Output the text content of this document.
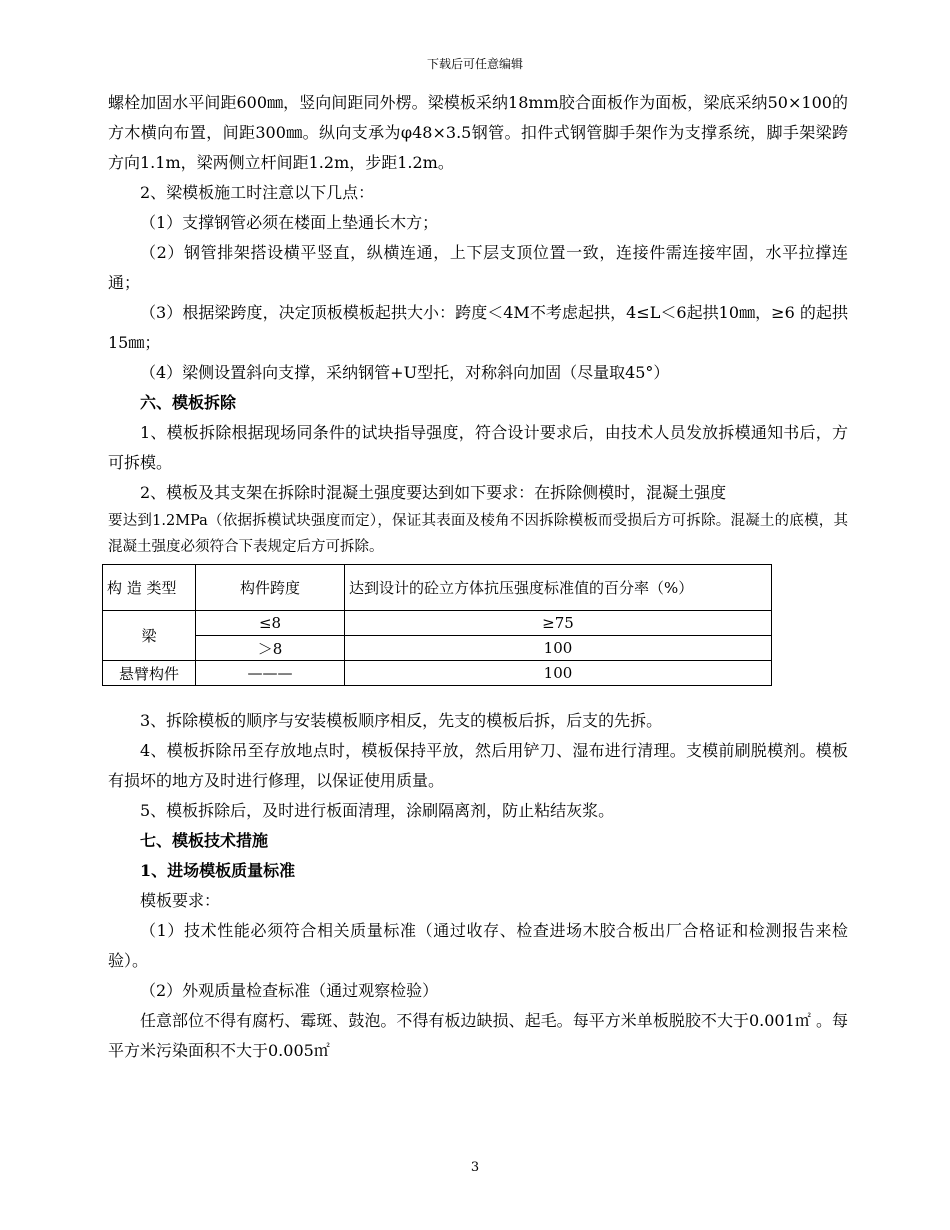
下载后可任意编辑

螺栓加固水平间距600㎜，竖向间距同外楞。梁模板采纳18mm胶合面板作为面板，梁底采纳50×100的方木横向布置，间距300㎜。纵向支承为φ48×3.5钢管。扣件式钢管脚手架作为支撑系统，脚手架梁跨方向1.1m，梁两侧立杆间距1.2m，步距1.2m。

2、梁模板施工时注意以下几点：

（1）支撑钢管必须在楼面上垫通长木方；

（2）钢管排架搭设横平竖直，纵横连通，上下层支顶位置一致，连接件需连接牢固，水平拉撑连通；

（3）根据梁跨度，决定顶板模板起拱大小：跨度＜4M不考虑起拱，4≤L＜6起拱10㎜，≥6 的起拱15㎜；

（4）梁侧设置斜向支撑，采纳钢管+U型托，对称斜向加固（尽量取45°）

六、模板拆除

1、模板拆除根据现场同条件的试块指导强度，符合设计要求后，由技术人员发放拆模通知书后，方可拆模。

2、模板及其支架在拆除时混凝土强度要达到如下要求：在拆除侧模时，混凝土强度

要达到1.2MPa（依据拆模试块强度而定），保证其表面及棱角不因拆除模板而受损后方可拆除。混凝土的底模，其混凝土强度必须符合下表规定后方可拆除。

构 造 类型	构件跨度	达到设计的砼立方体抗压强度标准值的百分率（%）
梁	≤8	≥75
	＞8	100
悬臂构件	———	100

3、拆除模板的顺序与安装模板顺序相反，先支的模板后拆，后支的先拆。

4、模板拆除吊至存放地点时，模板保持平放，然后用铲刀、湿布进行清理。支模前刷脱模剂。模板有损坏的地方及时进行修理，以保证使用质量。

5、模板拆除后，及时进行板面清理，涂刷隔离剂，防止粘结灰浆。

七、模板技术措施

1、进场模板质量标准

模板要求：

（1）技术性能必须符合相关质量标准（通过收存、检查进场木胶合板出厂合格证和检测报告来检验）。

（2）外观质量检查标准（通过观察检验）

任意部位不得有腐朽、霉斑、鼓泡。不得有板边缺损、起毛。每平方米单板脱胶不大于0.001㎡ 。每平方米污染面积不大于0.005㎡

3
